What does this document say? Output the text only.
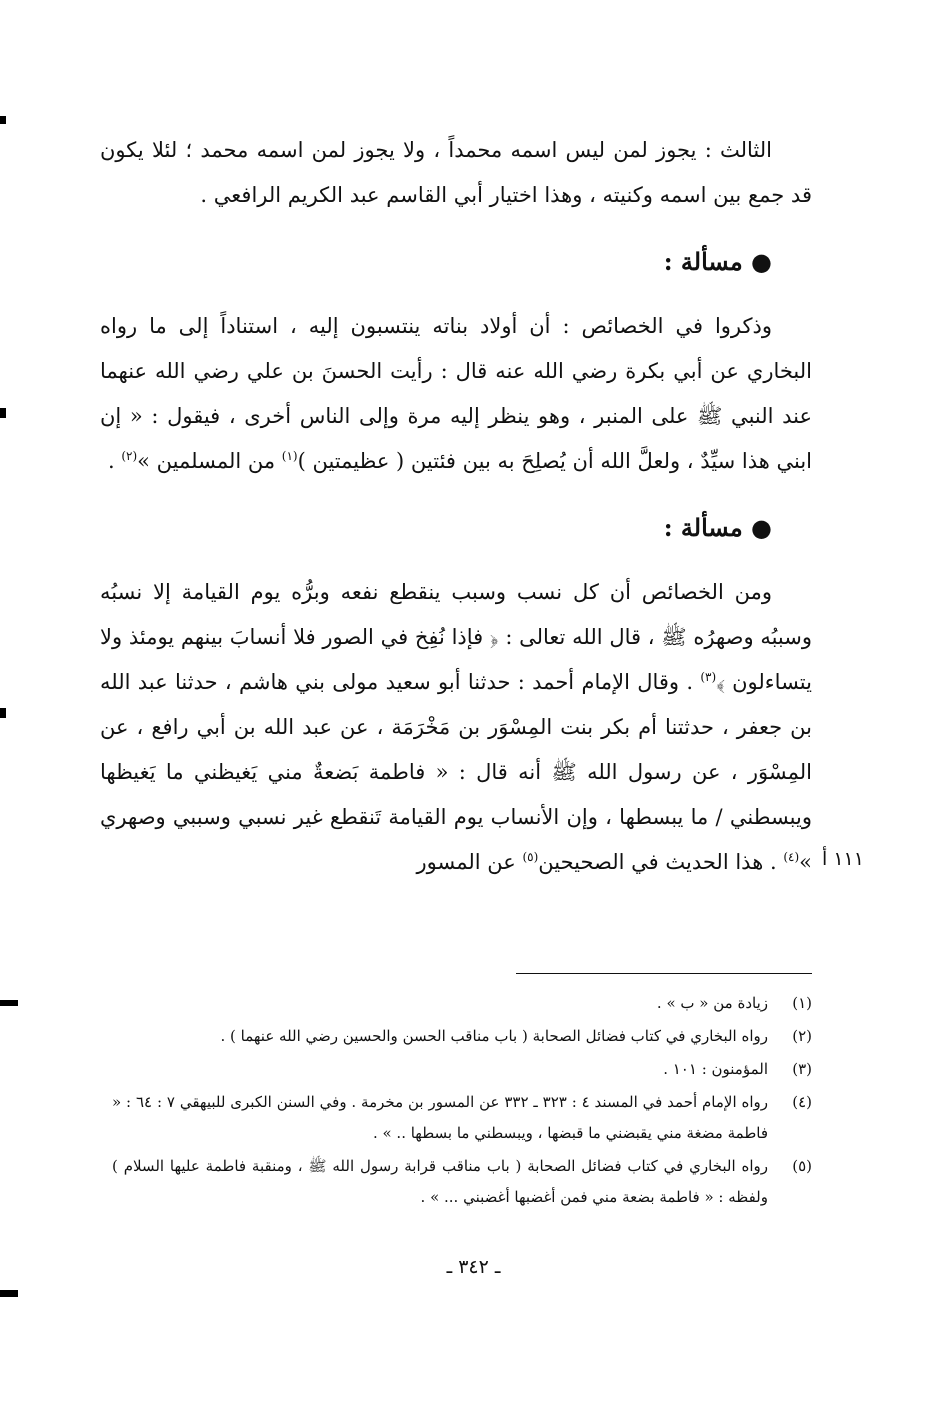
الثالث : يجوز لمن ليس اسمه محمداً ، ولا يجوز لمن اسمه محمد ؛ لئلا يكون قد جمع بين اسمه وكنيته ، وهذا اختيار أبي القاسم عبد الكريم الرافعي .

● مسألة :

وذكروا في الخصائص : أن أولاد بناته ينتسبون إليه ، استناداً إلى ما رواه البخاري عن أبي بكرة رضي الله عنه قال : رأيت الحسنَ بن علي رضي الله عنهما عند النبي ﷺ على المنبر ، وهو ينظر إليه مرة وإلى الناس أخرى ، فيقول : « إن ابني هذا سيِّدٌ ، ولعلَّ الله أن يُصلِحَ به بين فئتين ( عظيمتين )$^{(١)}$ من المسلمين »$^{(٢)}$ .

● مسألة :

ومن الخصائص أن كل نسب وسبب ينقطع نفعه وبرُّه يوم القيامة إلا نسبُه وسببُه وصهرُه ﷺ ، قال الله تعالى : ﴿ فإذا نُفِخ في الصور فلا أنسابَ بينهم يومئذ ولا يتساءلون ﴾$^{(٣)}$ . وقال الإمام أحمد : حدثنا أبو سعيد مولى بني هاشم ، حدثنا عبد الله بن جعفر ، حدثتنا أم بكر بنت المِسْوَر بن مَخْرَمَة ، عن عبد الله بن أبي رافع ، عن المِسْوَر ، عن رسول الله ﷺ أنه قال : « فاطمة بَضعةٌ مني يَغيظني ما يَغيظها ويبسطني / ما يبسطها ، وإن الأنساب يوم القيامة تَنقطع غير نسبي وسببي وصهري »$^{(٤)}$ . هذا الحديث في الصحيحين$^{(٥)}$ عن المسور	١١١ أ
(١)
زيادة من « ب » .
(٢)
رواه البخاري في كتاب فضائل الصحابة ( باب مناقب الحسن والحسين رضي الله عنهما ) .
(٣)
المؤمنون : ١٠١ .
(٤)
رواه الإمام أحمد في المسند ٤ : ٣٢٣ ـ ٣٣٢ عن المسور بن مخرمة . وفي السنن الكبرى للبيهقي ٧ : ٦٤ : « فاطمة مضغة مني يقبضني ما قبضها ، ويبسطني ما بسطها .. » .
(٥)
رواه البخاري في كتاب فضائل الصحابة ( باب مناقب قرابة رسول الله ﷺ ، ومنقبة فاطمة عليها السلام ) ولفظه : « فاطمة بضعة مني فمن أغضبها أغضبني ... » .
ـ ٣٤٢ ـ
